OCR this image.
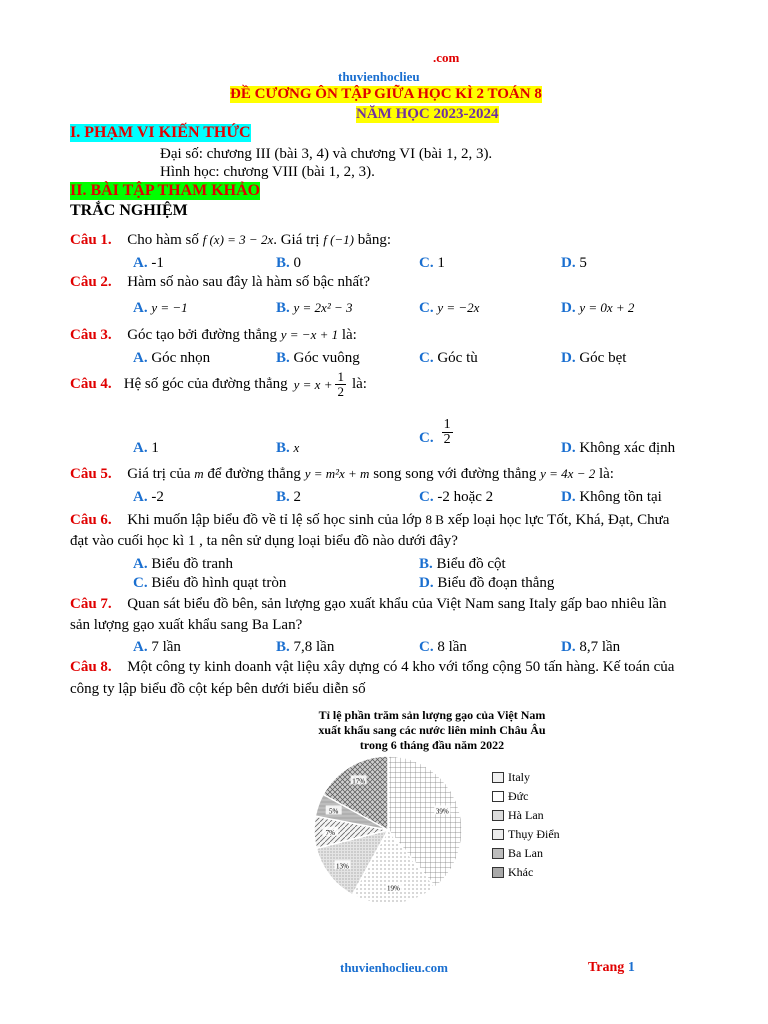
.com
thuvienhoclieu
ĐỀ CƯƠNG ÔN TẬP GIỮA HỌC KÌ 2 TOÁN 8
NĂM HỌC 2023-2024
I. PHẠM VI KIẾN THỨC
Đại số: chương III (bài 3, 4) và chương VI (bài 1, 2, 3).
Hình học: chương VIII (bài 1, 2, 3).
II. BÀI TẬP THAM KHẢO
TRẮC NGHIỆM
Câu 1. Cho hàm số f (x) = 3 − 2x. Giá trị f (−1) bằng:
A. -1	B. 0	C. 1	D. 5
Câu 2. Hàm số nào sau đây là hàm số bậc nhất?
A. y = −1	B. y = 2x² − 3	C. y = −2x	D. y = 0x + 2
Câu 3. Góc tạo bởi đường thẳng y = −x + 1 là:
A. Góc nhọn	B. Góc vuông	C. Góc tù	D. Góc bẹt
Câu 4. Hệ số góc của đường thẳng $y = x + \frac{1}{2}$ là:
A. 1	B. x
C. $\frac{1}{2}$
D. Không xác định
Câu 5. Giá trị của m để đường thẳng y = m²x + m song song với đường thẳng y = 4x − 2 là:
A. -2	B. 2	C. -2 hoặc 2	D. Không tồn tại
Câu 6. Khi muốn lập biểu đồ về tỉ lệ số học sinh của lớp 8 B xếp loại học lực Tốt, Khá, Đạt, Chưa
đạt vào cuối học kì 1 , ta nên sử dụng loại biểu đồ nào dưới đây?
A. Biểu đồ tranh	B. Biểu đồ cột
C. Biểu đồ hình quạt tròn	D. Biểu đồ đoạn thẳng
Câu 7. Quan sát biểu đồ bên, sản lượng gạo xuất khẩu của Việt Nam sang Italy gấp bao nhiêu lần
sản lượng gạo xuất khẩu sang Ba Lan?
A. 7 lần	B. 7,8 lần	C. 8 lần	D. 8,7 lần
Câu 8. Một công ty kinh doanh vật liệu xây dựng có 4 kho với tổng cộng 50 tấn hàng. Kế toán của
công ty lập biểu đồ cột kép bên dưới biểu diễn số
Tỉ lệ phần trăm sản lượng gạo của Việt Nam
xuất khẩu sang các nước liên minh Châu Âu
trong 6 tháng đầu năm 2022
39%
19%
13%
7%
5%
17%	Italy
Đức
Hà Lan
Thụy Điển
Ba Lan
Khác
thuvienhoclieu.com	Trang 1
